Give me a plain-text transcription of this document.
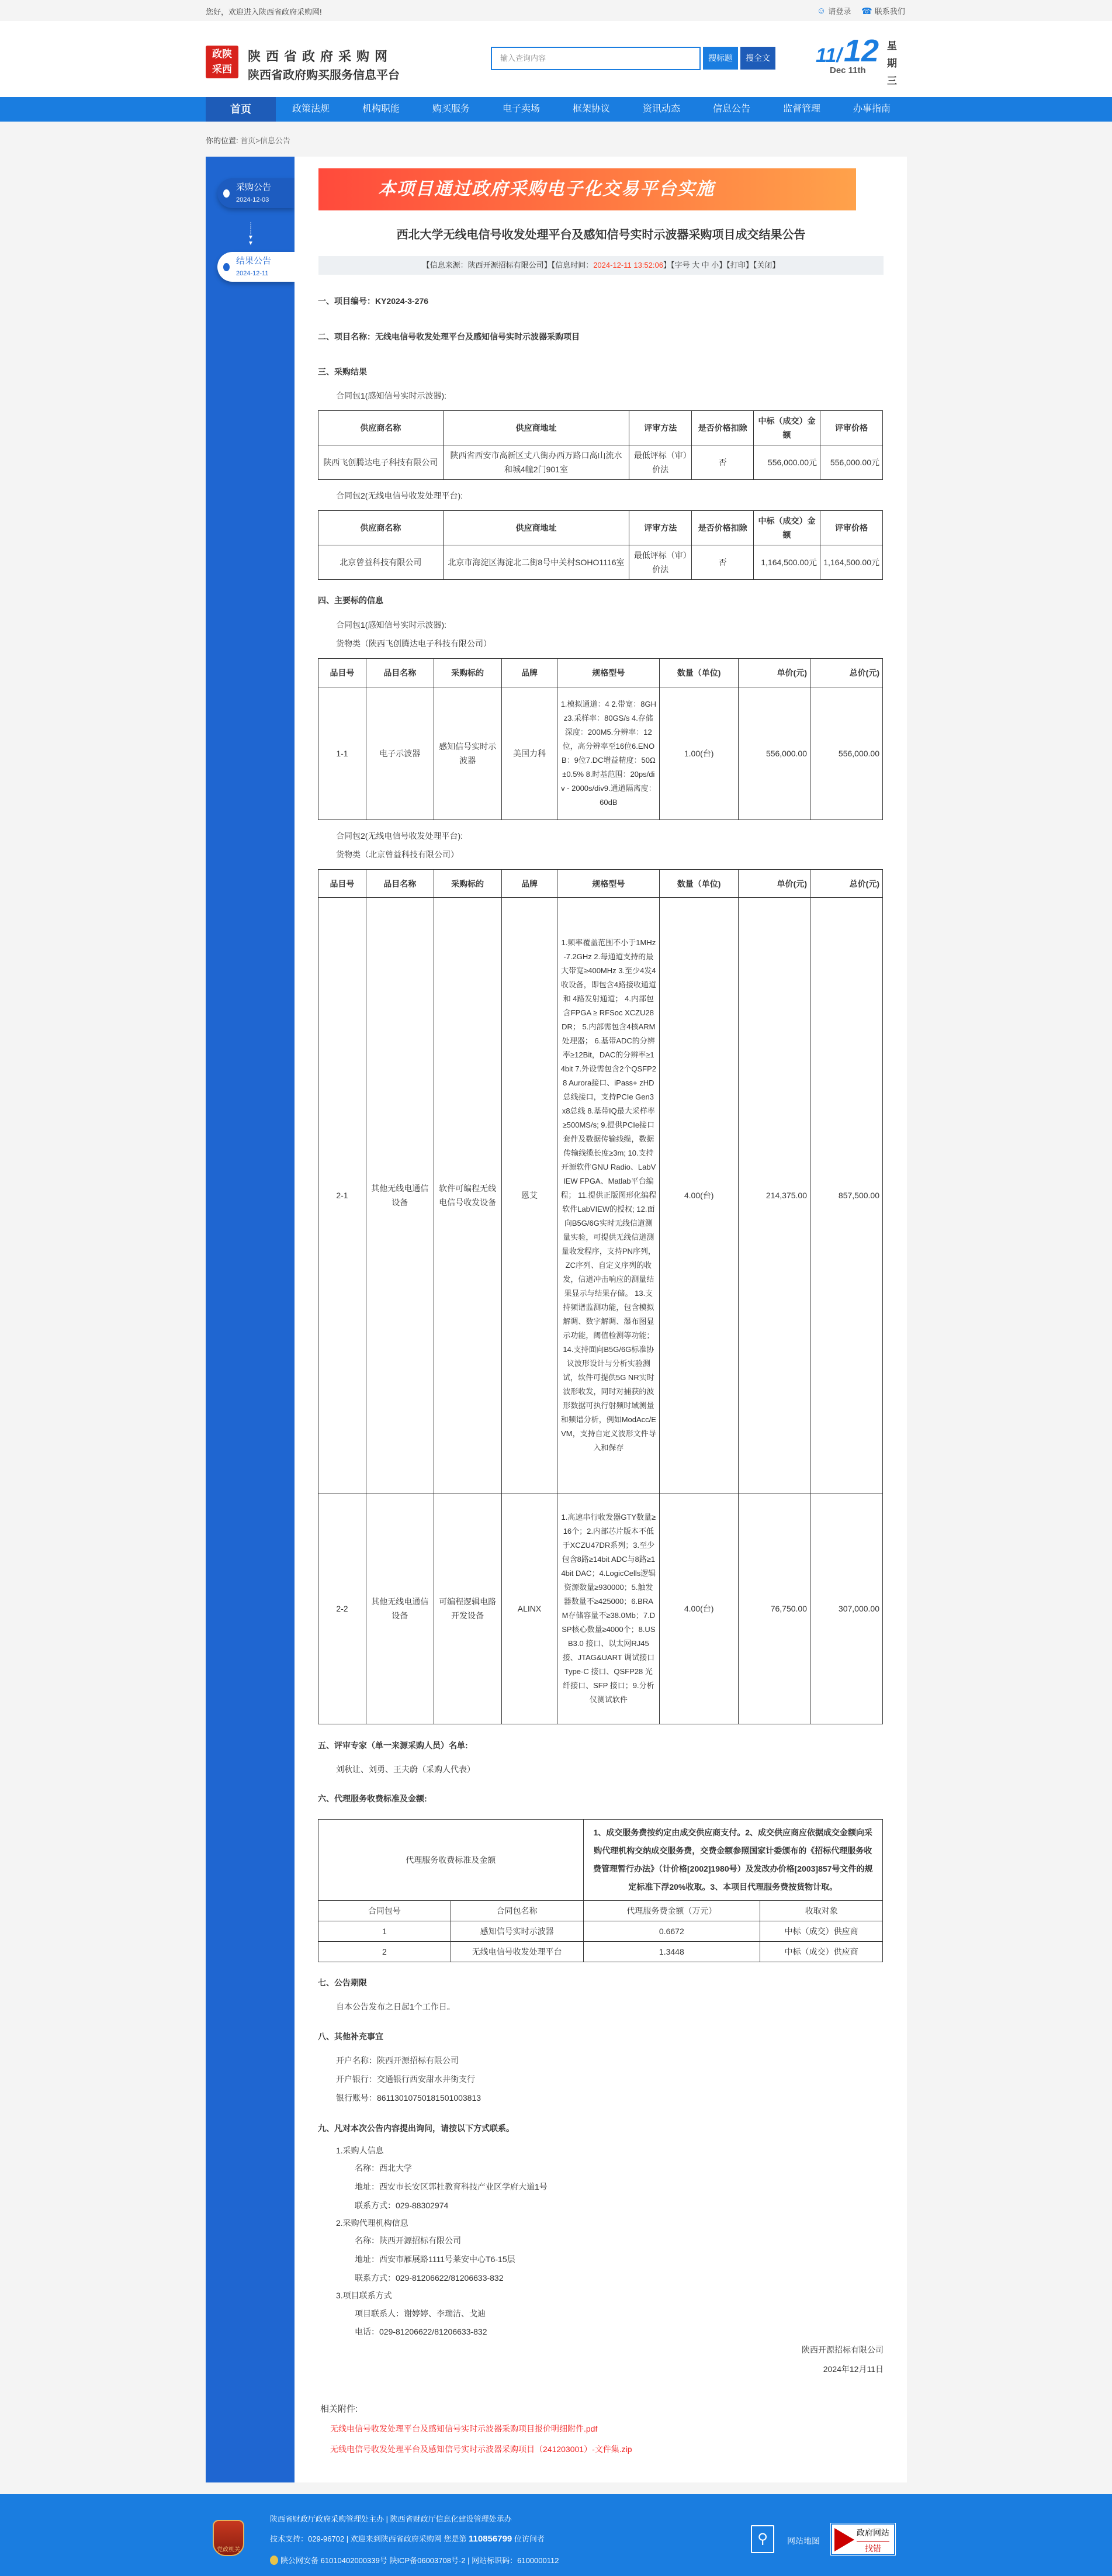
您好，欢迎进入陕西省政府采购网!	☺ 请登录 ☎ 联系我们
政陕
采西
陕西省政府采购网
陕西省政府购买服务信息平台
输入查询内容	搜标题	搜全文 11/ 12
Dec 11th
星期三
首页	政策法规	机构职能	购买服务	电子卖场	框架协议	资讯动态	信息公告	监督管理	办事指南
你的位置: 首页>信息公告
采购公告
2024-12-03
┊
┊
▼
▼
结果公告
2024-12-11
本项目通过政府采购电子化交易平台实施
西北大学无线电信号收发处理平台及感知信号实时示波器采购项目成交结果公告
【信息来源：陕西开源招标有限公司】【信息时间：2024-12-11 13:52:06】【字号 大 中 小】【打印】【关闭】
一、项目编号：KY2024-3-276
二、项目名称：无线电信号收发处理平台及感知信号实时示波器采购项目
三、采购结果
合同包1(感知信号实时示波器):
供应商名称	供应商地址	评审方法	是否价格扣除	中标（成交）金额	评审价格
陕西飞创腾达电子科技有限公司	陕西省西安市高新区丈八街办西万路口高山流水和城4幢2门901室	最低评标（审）价法	否	556,000.00元	556,000.00元
合同包2(无线电信号收发处理平台):
供应商名称	供应商地址	评审方法	是否价格扣除	中标（成交）金额	评审价格
北京曾益科技有限公司	北京市海淀区海淀北二街8号中关村SOHO1116室	最低评标（审）价法	否	1,164,500.00元	1,164,500.00元
四、主要标的信息
合同包1(感知信号实时示波器):
货物类（陕西飞创腾达电子科技有限公司）
品目号	品目名称	采购标的	品牌	规格型号	数量（单位)	单价(元)	总价(元)
1-1	电子示波器	感知信号实时示波器	美国力科	1.模拟通道：4 2.带宽：8GHz3.采样率：80GS/s 4.存储深度：200M5.分辨率：12位，高分辨率至16位6.ENOB：9位7.DC增益精度：50Ω ±0.5% 8.时基范围：20ps/div - 2000s/div9.通道隔离度：60dB	1.00(台)	556,000.00	556,000.00
合同包2(无线电信号收发处理平台):
货物类（北京曾益科技有限公司）
品目号	品目名称	采购标的	品牌	规格型号	数量（单位)	单价(元)	总价(元)
2-1	其他无线电通信设备	软件可编程无线电信号收发设备	恩艾	1.频率覆盖范围不小于1MHz-7.2GHz 2.每通道支持的最大带宽≥400MHz 3.至少4发4收设备，即包含4路接收通道和 4路发射通道； 4.内部包含FPGA ≥ RFSoc XCZU28DR； 5.内部需包含4核ARM处理器； 6.基带ADC的分辨率≥12Bit，DAC的分辨率≥14bit 7.外设需包含2个QSFP28 Aurora接口、iPass+ zHD总线接口，支持PCIe Gen3 x8总线 8.基带IQ最大采样率≥500MS/s; 9.提供PCIe接口套件及数据传输线缆，数据传输线缆长度≥3m; 10.支持开源软件GNU Radio、LabVIEW FPGA、Matlab平台编程； 11.提供正版图形化编程软件LabVIEW的授权; 12.面向B5G/6G实时无线信道测量实验，可提供无线信道测量收发程序，支持PN序列，ZC序列、自定义序列的收发，信道冲击响应的测量结果显示与结果存储。 13.支持频谱监测功能，包含模拟解调、数字解调、瀑布图显示功能，阈值检测等功能； 14.支持面向B5G/6G标准协议波形设计与分析实验测试，软件可提供5G NR实时波形收发，同时对捕获的波形数据可执行射频时域测量和频谱分析，例如ModAcc/EVM，支持自定义波形文件导入和保存	4.00(台)	214,375.00	857,500.00
2-2	其他无线电通信设备	可编程逻辑电路开发设备	ALINX	1.高速串行收发器GTY数量≥16个；2.内部芯片版本不低于XCZU47DR系列；3.至少包含8路≥14bit ADC与8路≥14bit DAC；4.LogicCells逻辑资源数量≥930000；5.触发器数量不≥425000；6.BRAM存储容量不≥38.0Mb；7.DSP核心数量≥4000个；8.USB3.0 接口、以太网RJ45接、JTAG&UART 调试接口Type-C 接口、QSFP28 光纤接口、SFP 接口；9.分析仪测试软件	4.00(台)	76,750.00	307,000.00
五、评审专家（单一来源采购人员）名单:
刘秋让、刘勇、王夫蔚（采购人代表）
六、代理服务收费标准及金额:
代理服务收费标准及金额		1、成交服务费按约定由成交供应商支付。2、成交供应商应依据成交金额向采购代理机构交纳成交服务费，交费金额参照国家计委颁布的《招标代理服务收费管理暂行办法》（计价格[2002]1980号）及发改办价格[2003]857号文件的规定标准下浮20%收取。3、本项目代理服务费按货物计取。	
合同包号	合同包名称	代理服务费金额（万元）	收取对象
1	感知信号实时示波器	0.6672	中标（成交）供应商
2	无线电信号收发处理平台	1.3448	中标（成交）供应商
七、公告期限
自本公告发布之日起1个工作日。
八、其他补充事宜
开户名称：陕西开源招标有限公司
开户银行：交通银行西安甜水井街支行
银行账号：861130107501815010038​13
九、凡对本次公告内容提出询问，请按以下方式联系。
1.采购人信息
名称：西北大学
地址：西安市长安区郭杜教育科技产业区学府大道1号
联系方式：029-88302974
2.采购代理机构信息
名称：陕西开源招标有限公司
地址：西安市雁展路1111号莱安中心T6-15层
联系方式：029-81206622/81206633-832
3.项目联系方式
项目联系人：谢婷婷、李瑞洁、戈迪
电话：029-81206622/81206633-832
陕西开源招标有限公司
2024年12月11日
相关附件:
无线电信号收发处理平台及感知信号实时示波器采购项目报价明细附件.pdf
无线电信号收发处理平台及感知信号实时示波器采购项目（241203001）-文件集.zip
党政机关
陕西省财政厅政府采购管理处主办 | 陕西省财政厅信息化建设管理处承办
技术支持：029-96702 | 欢迎来到陕西省政府采购网 您是第 110856799 位访问者
陕公网安备 61010402000339号 陕ICP备06003708号-2 | 网站标识码：6100000112
⚲	网站地图
政府网站
找错
